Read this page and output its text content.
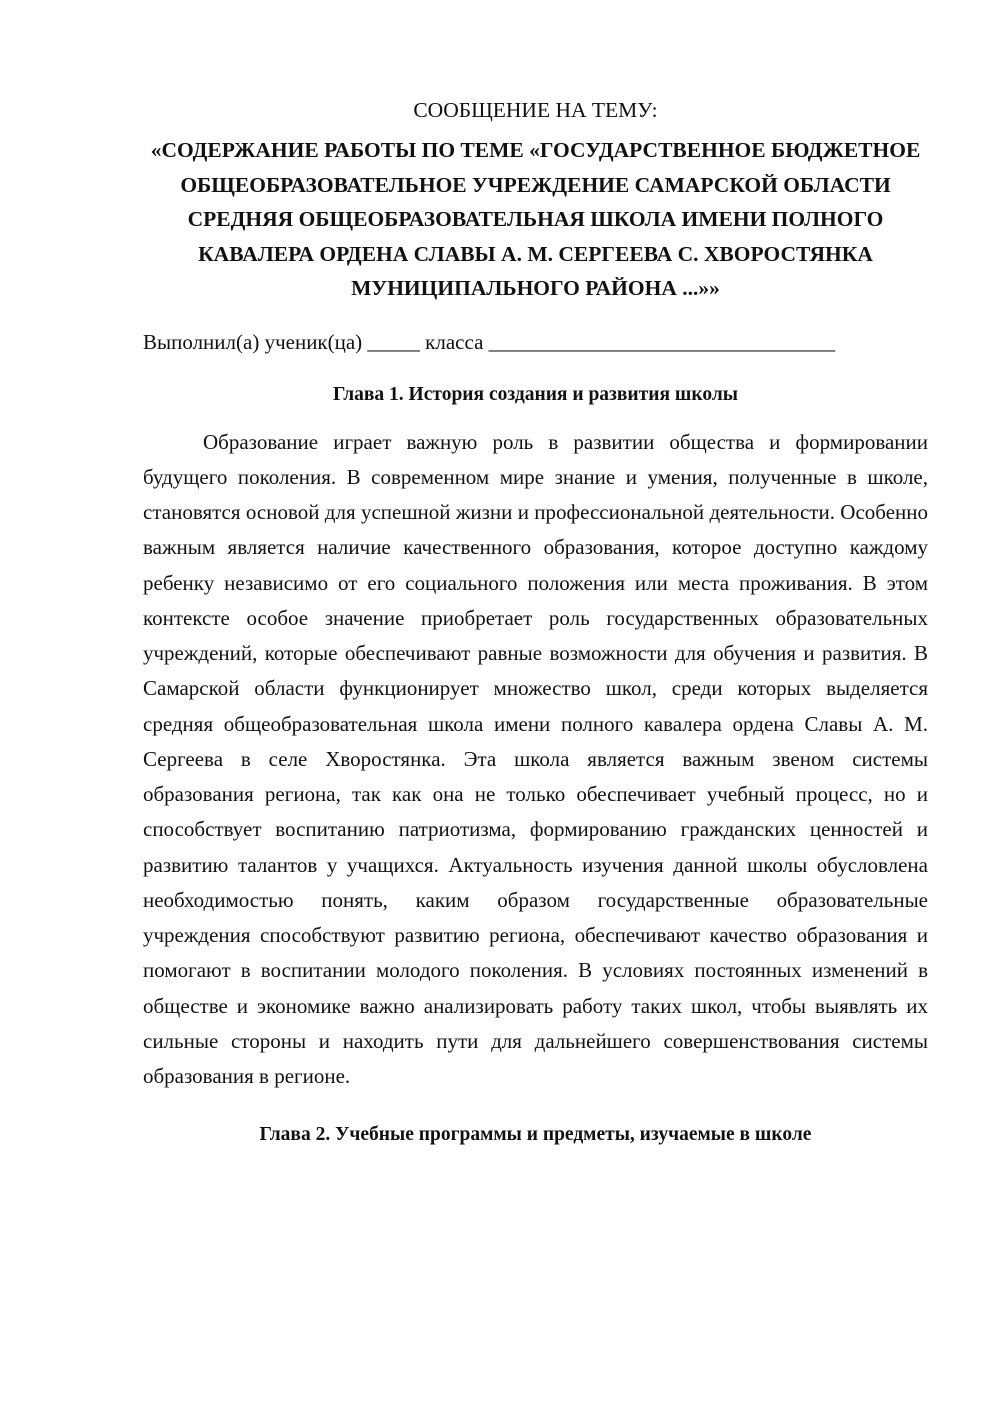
СООБЩЕНИЕ НА ТЕМУ:

«СОДЕРЖАНИЕ РАБОТЫ ПО ТЕМЕ «ГОСУДАРСТВЕННОЕ БЮДЖЕТНОЕ ОБЩЕОБРАЗОВАТЕЛЬНОЕ УЧРЕЖДЕНИЕ САМАРСКОЙ ОБЛАСТИ СРЕДНЯЯ ОБЩЕОБРАЗОВАТЕЛЬНАЯ ШКОЛА ИМЕНИ ПОЛНОГО КАВАЛЕРА ОРДЕНА СЛАВЫ А. М. СЕРГЕЕВА С. ХВОРОСТЯНКА МУНИЦИПАЛЬНОГО РАЙОНА ...»»

Выполнил(а) ученик(ца) _____ класса _________________________________

Глава 1. История создания и развития школы

Образование играет важную роль в развитии общества и формировании будущего поколения. В современном мире знание и умения, полученные в школе, становятся основой для успешной жизни и профессиональной деятельности. Особенно важным является наличие качественного образования, которое доступно каждому ребенку независимо от его социального положения или места проживания. В этом контексте особое значение приобретает роль государственных образовательных учреждений, которые обеспечивают равные возможности для обучения и развития. В Самарской области функционирует множество школ, среди которых выделяется средняя общеобразовательная школа имени полного кавалера ордена Славы А. М. Сергеева в селе Хворостянка. Эта школа является важным звеном системы образования региона, так как она не только обеспечивает учебный процесс, но и способствует воспитанию патриотизма, формированию гражданских ценностей и развитию талантов у учащихся. Актуальность изучения данной школы обусловлена необходимостью понять, каким образом государственные образовательные учреждения способствуют развитию региона, обеспечивают качество образования и помогают в воспитании молодого поколения. В условиях постоянных изменений в обществе и экономике важно анализировать работу таких школ, чтобы выявлять их сильные стороны и находить пути для дальнейшего совершенствования системы образования в регионе.

Глава 2. Учебные программы и предметы, изучаемые в школе
